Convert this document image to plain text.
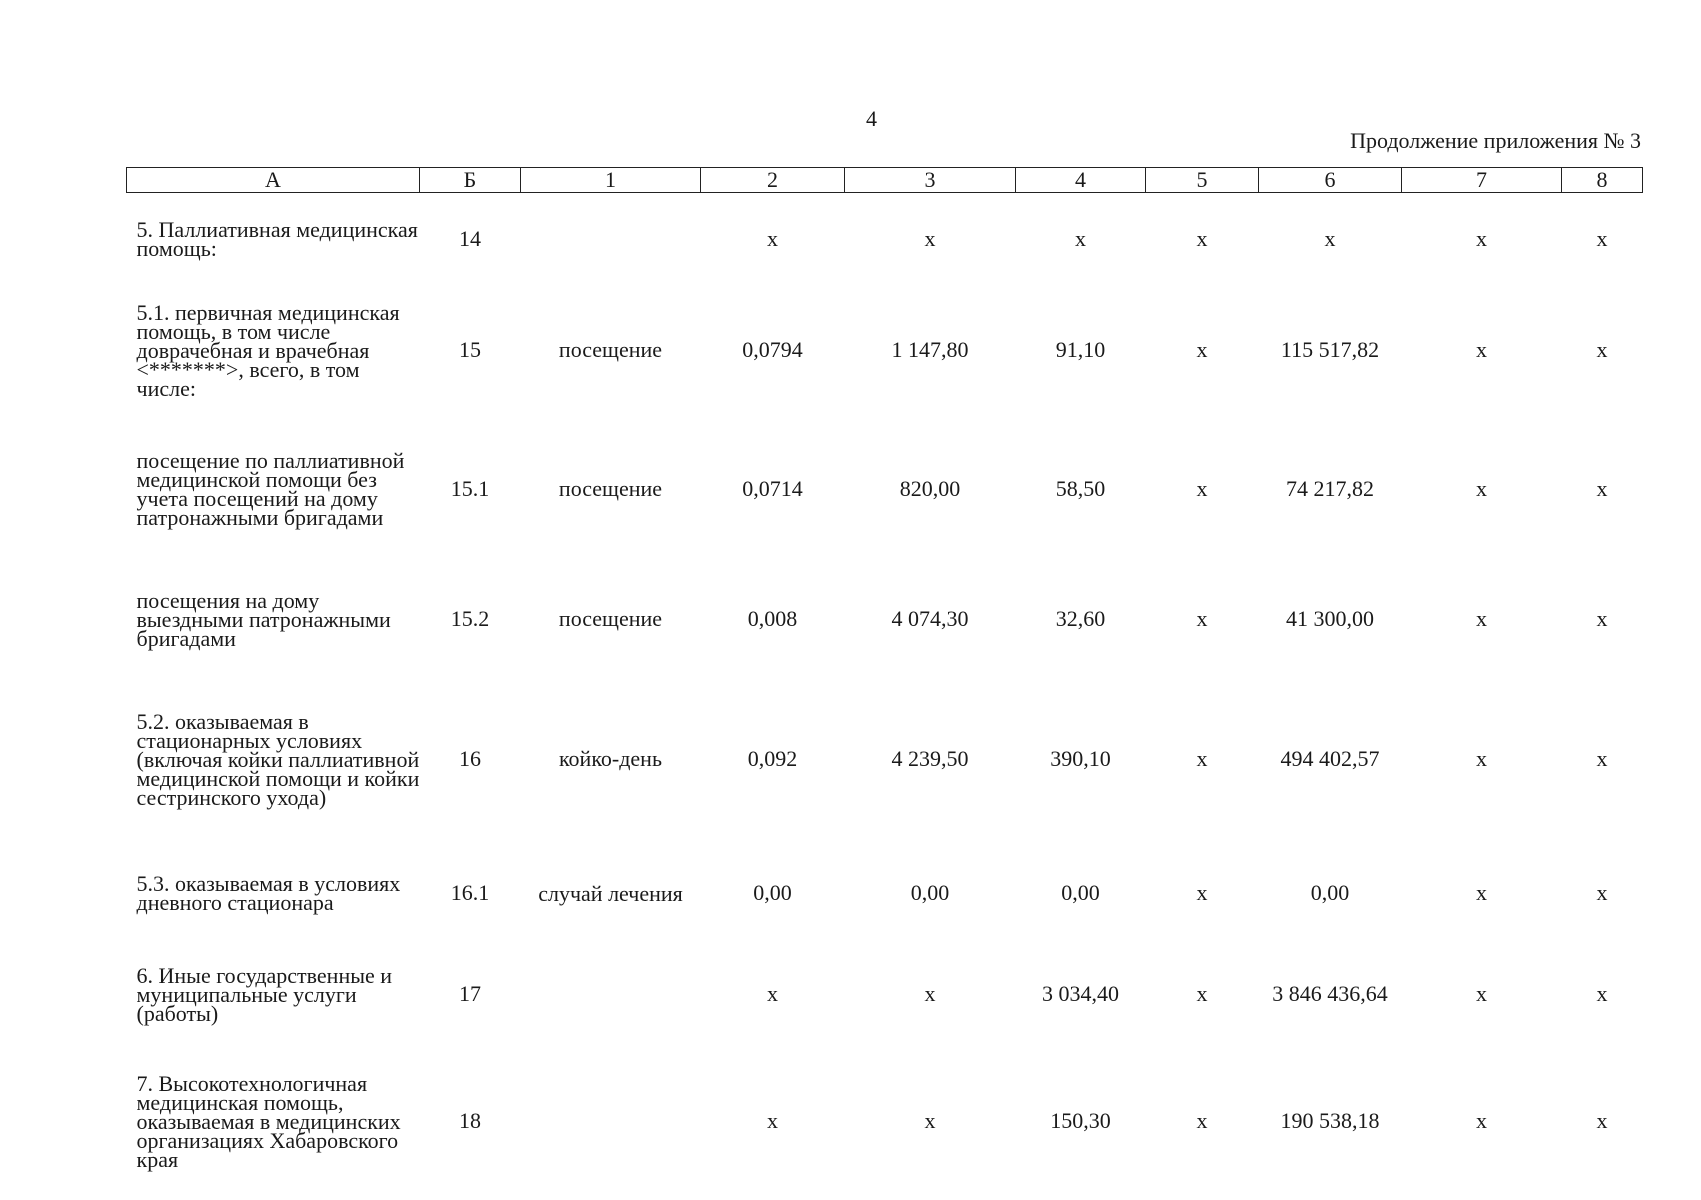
4
Продолжение приложения № 3
А	Б	1	2	3	4	5	6	7	8
5. Паллиативная медицинская помощь:	14		x	x	x	x	x	x	x
5.1. первичная медицинская помощь, в том числе доврачебная и врачебная <*******>, всего, в том числе:	15	посещение	0,0794	1 147,80	91,10	x	115 517,82	x	x
посещение по паллиативной медицинской помощи без учета посещений на дому патронажными бригадами	15.1	посещение	0,0714	820,00	58,50	x	74 217,82	x	x
посещения на дому выездными патронажными бригадами	15.2	посещение	0,008	4 074,30	32,60	x	41 300,00	x	x
5.2. оказываемая в стационарных условиях (включая койки паллиативной медицинской помощи и койки сестринского ухода)	16	койко-день	0,092	4 239,50	390,10	x	494 402,57	x	x
5.3. оказываемая в условиях дневного стационара	16.1	случай лечения	0,00	0,00	0,00	x	0,00	x	x
6. Иные государственные и муниципальные услуги (работы)	17		x	x	3 034,40	x	3 846 436,64	x	x
7. Высокотехнологичная медицинская помощь, оказываемая в медицинских организациях Хабаровского края	18		x	x	150,30	x	190 538,18	x	x
